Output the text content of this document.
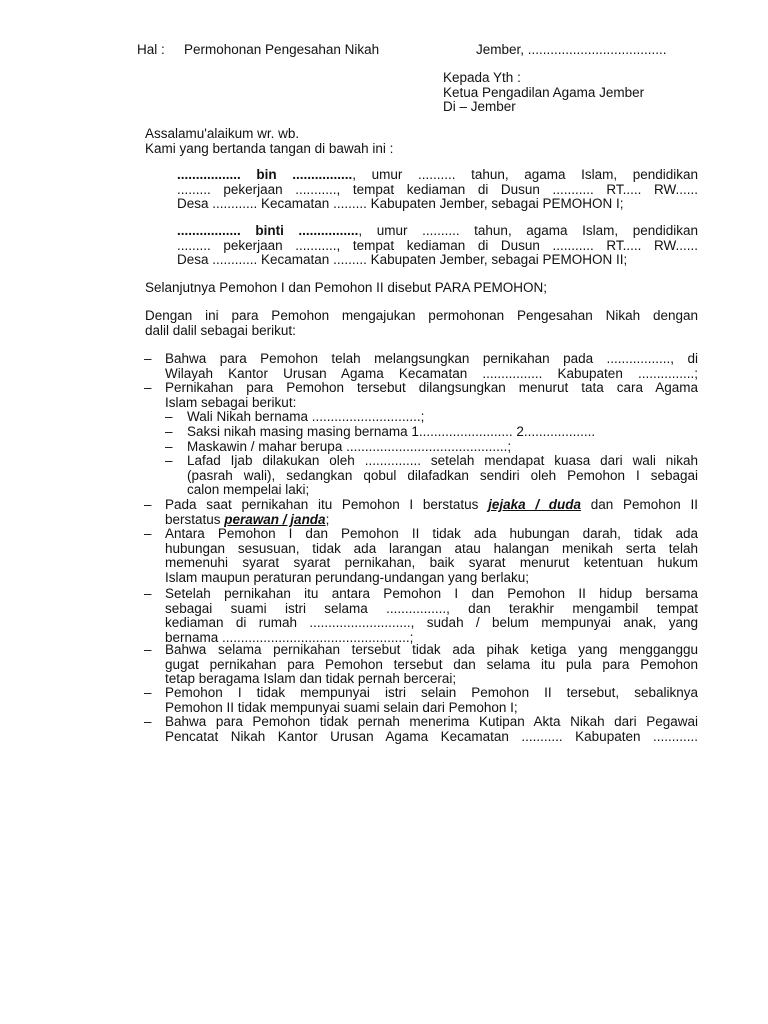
Hal : Permohonan Pengesahan Nikah	Jember, .....................................
Kepada Yth :
Ketua Pengadilan Agama Jember
Di – Jember
Assalamu'alaikum wr. wb.
Kami yang bertanda tangan di bawah ini :
................. bin ................, umur .......... tahun, agama Islam, pendidikan
......... pekerjaan ..........., tempat kediaman di Dusun ........... RT..... RW......
Desa ............ Kecamatan ......... Kabupaten Jember, sebagai PEMOHON I;
................. binti ................, umur .......... tahun, agama Islam, pendidikan
......... pekerjaan ..........., tempat kediaman di Dusun ........... RT..... RW......
Desa ............ Kecamatan ......... Kabupaten Jember, sebagai PEMOHON II;
Selanjutnya Pemohon I dan Pemohon II disebut PARA PEMOHON;
Dengan ini para Pemohon mengajukan permohonan Pengesahan Nikah dengan
dalil dalil sebagai berikut:
– Bahwa para Pemohon telah melangsungkan pernikahan pada ................., di
Wilayah Kantor Urusan Agama Kecamatan ................ Kabupaten ...............;
– Pernikahan para Pemohon tersebut dilangsungkan menurut tata cara Agama
Islam sebagai berikut:
– Wali Nikah bernama .............................;
– Saksi nikah masing masing bernama 1......................... 2...................
– Maskawin / mahar berupa ...........................................;
– Lafad Ijab dilakukan oleh ............... setelah mendapat kuasa dari wali nikah
(pasrah wali), sedangkan qobul dilafadkan sendiri oleh Pemohon I sebagai
calon mempelai laki;
– Pada saat pernikahan itu Pemohon I berstatus jejaka / duda dan Pemohon II
berstatus perawan / janda;
– Antara Pemohon I dan Pemohon II tidak ada hubungan darah, tidak ada
hubungan sesusuan, tidak ada larangan atau halangan menikah serta telah
memenuhi syarat syarat pernikahan, baik syarat menurut ketentuan hukum
Islam maupun peraturan perundang-undangan yang berlaku;
– Setelah pernikahan itu antara Pemohon I dan Pemohon II hidup bersama
sebagai suami istri selama ................, dan terakhir mengambil tempat
kediaman di rumah ..........................., sudah / belum mempunyai anak, yang
bernama ..................................................;
– Bahwa selama pernikahan tersebut tidak ada pihak ketiga yang mengganggu
gugat pernikahan para Pemohon tersebut dan selama itu pula para Pemohon
tetap beragama Islam dan tidak pernah bercerai;
– Pemohon I tidak mempunyai istri selain Pemohon II tersebut, sebaliknya
Pemohon II tidak mempunyai suami selain dari Pemohon I;
– Bahwa para Pemohon tidak pernah menerima Kutipan Akta Nikah dari Pegawai
Pencatat Nikah Kantor Urusan Agama Kecamatan ........... Kabupaten ............
